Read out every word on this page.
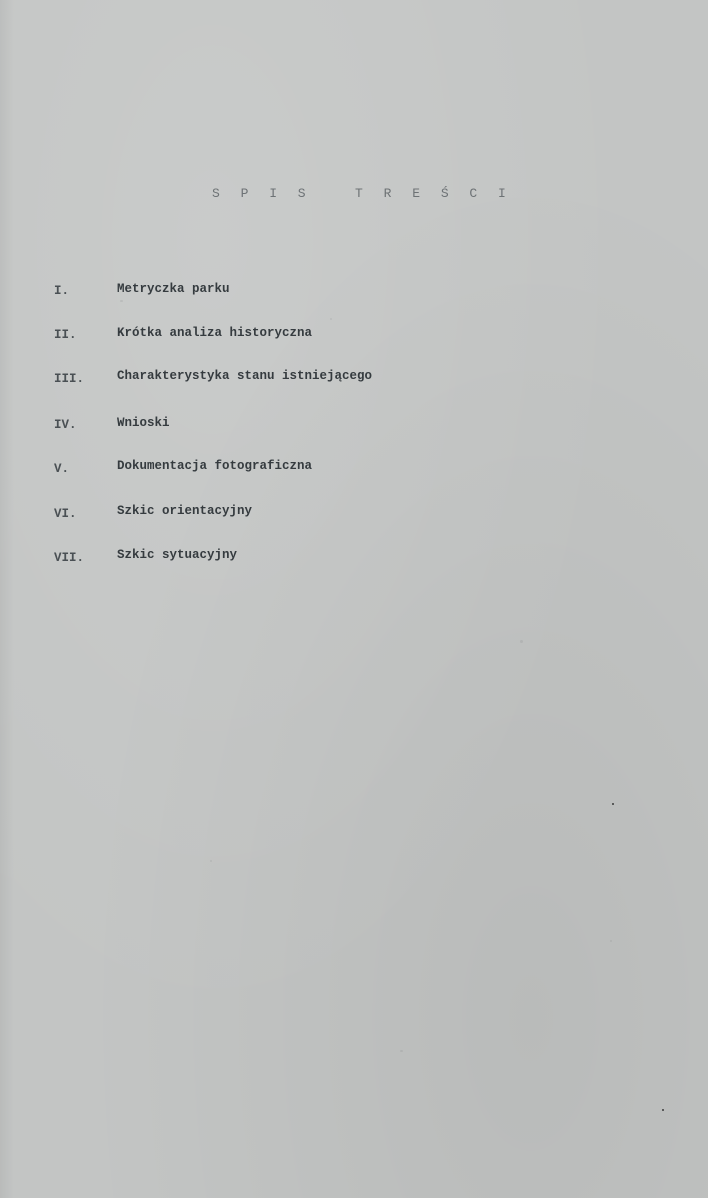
S P I S   T R E Ś C I
I.	Metryczka parku
II.	Krótka analiza historyczna
III.	Charakterystyka stanu istniejącego
IV.	Wnioski
V.	Dokumentacja fotograficzna
VI.	Szkic orientacyjny
VII.	Szkic sytuacyjny
